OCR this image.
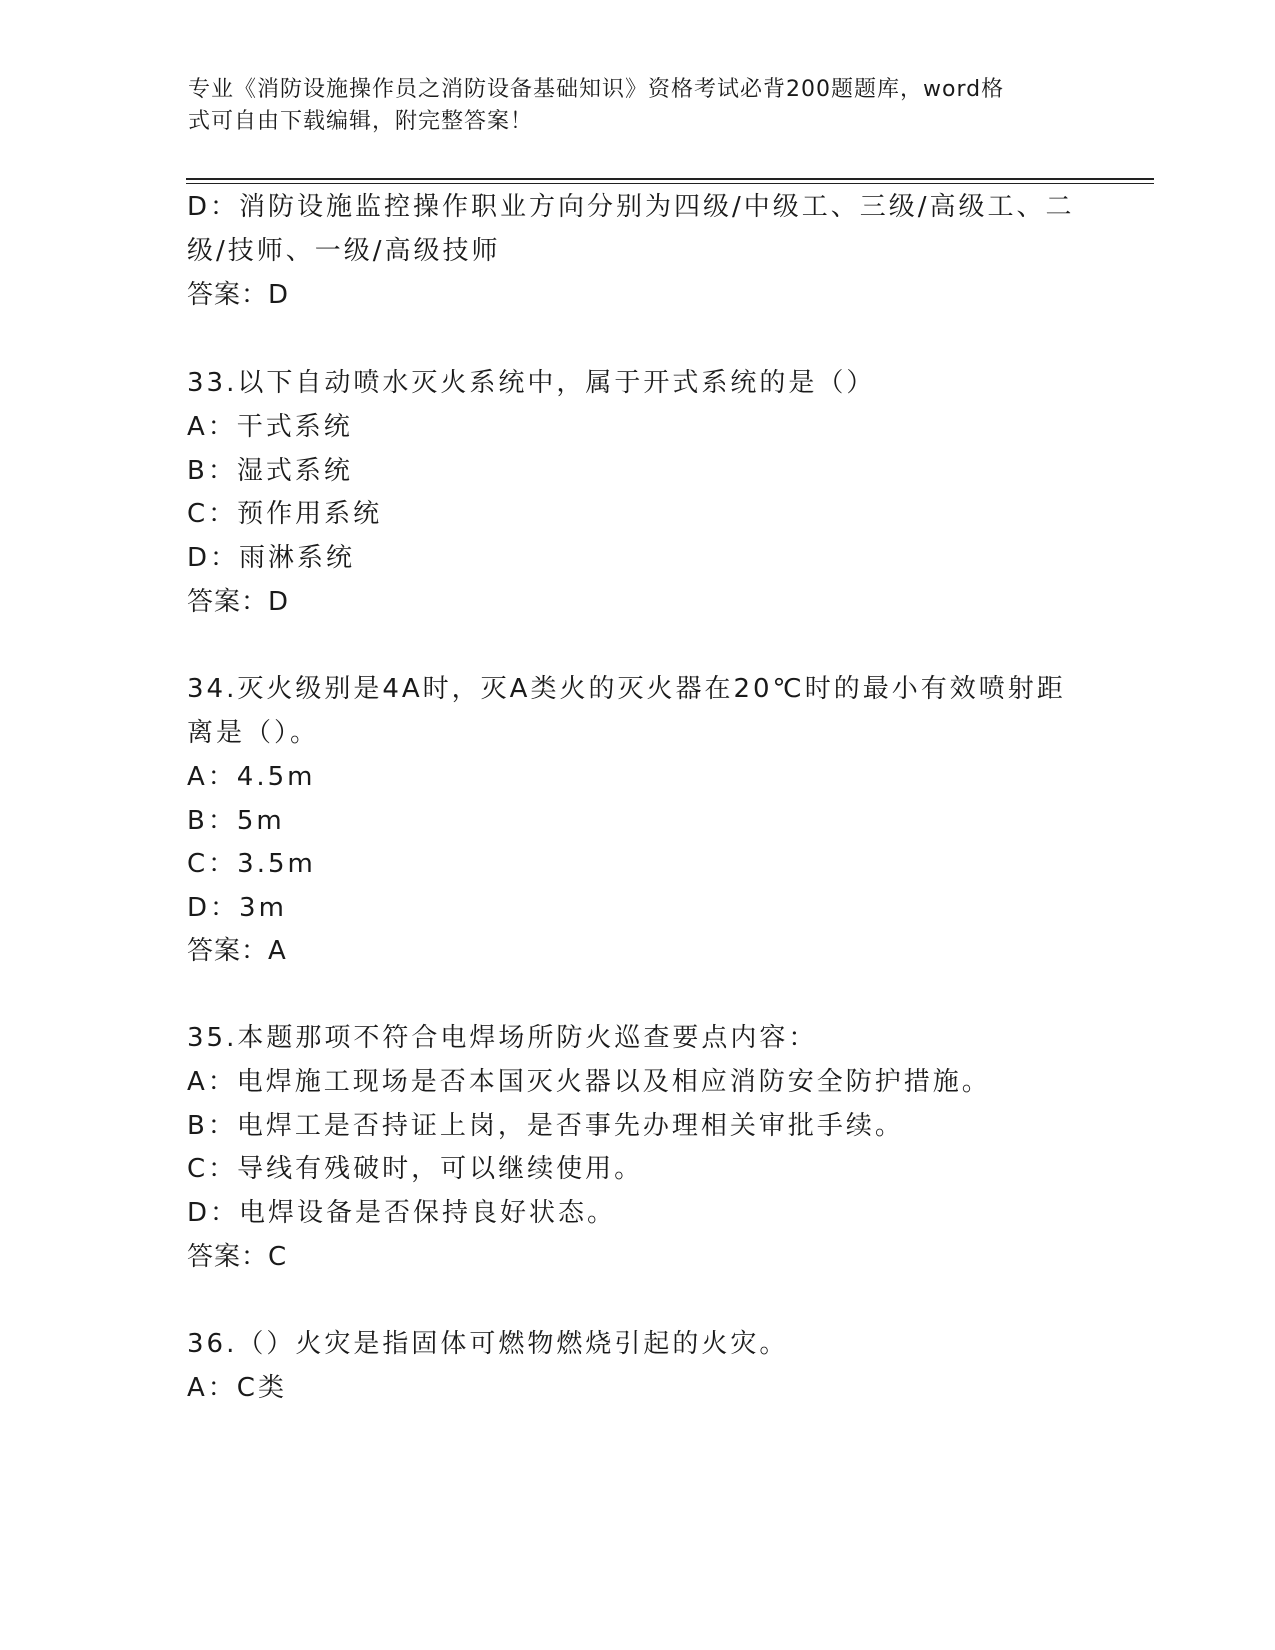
专业《消防设施操作员之消防设备基础知识》资格考试必背200题题库，word格
式可自由下载编辑，附完整答案！
D：消防设施监控操作职业方向分别为四级/中级工、三级/高级工、二
级/技师、一级/高级技师
答案：D
33.以下自动喷水灭火系统中，属于开式系统的是（）
A：干式系统
B：湿式系统
C：预作用系统
D：雨淋系统
答案：D
34.灭火级别是4A时，灭A类火的灭火器在20℃时的最小有效喷射距
离是（）。
A：4.5m
B：5m
C：3.5m
D：3m
答案：A
35.本题那项不符合电焊场所防火巡查要点内容：
A：电焊施工现场是否本国灭火器以及相应消防安全防护措施。
B：电焊工是否持证上岗，是否事先办理相关审批手续。
C：导线有残破时，可以继续使用。
D：电焊设备是否保持良好状态。
答案：C
36.（）火灾是指固体可燃物燃烧引起的火灾。
A：C类
